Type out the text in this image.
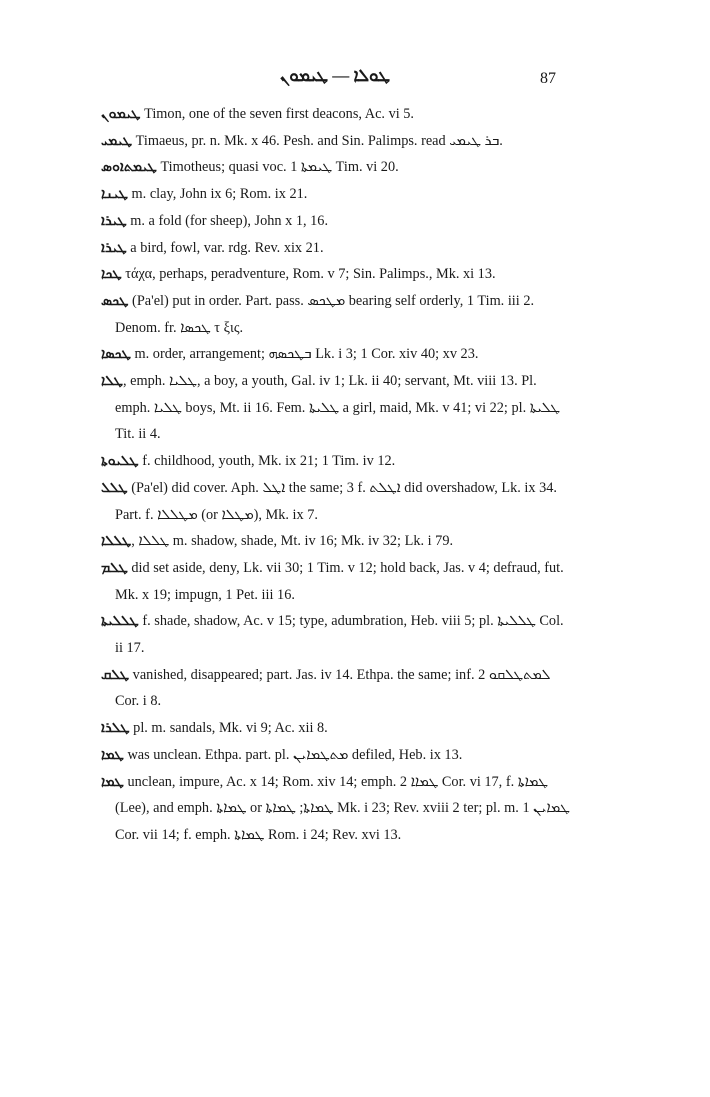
ܛܘܠܐ — ܛܝܡܘܢ	87

ܛܝܡܘܢ Timon, one of the seven first deacons, Ac. vi 5.

ܛܝܡܝ Timaeus, pr. n. Mk. x 46. Pesh. and Sin. Palimps. read ܒܪ ܛܝܡܝ.

ܛܝܡܬܐܘܣ Timotheus; quasi voc. ܛܝܡܬܐ 1 Tim. vi 20.

ܛܝܢܐ m. clay, John ix 6; Rom. ix 21.

ܛܝܪܐ m. a fold (for sheep), John x 1, 16.

ܛܝܪܐ a bird, fowl, var. rdg. Rev. xix 21.

ܛܟܐ τάχα, perhaps, peradventure, Rom. v 7; Sin. Palimps., Mk. xi 13.

ܛܟܣ (Pa'el) put in order. Part. pass. ܡܛܟܣ bearing self orderly, 1 Tim. iii 2. Denom. fr. ܛܟܣܐ τ ξις.

ܛܟܣܐ m. order, arrangement; ܒܛܟܣܗ Lk. i 3; 1 Cor. xiv 40; xv 23.

ܛܠܐ, emph. ܛܠܝܐ, a boy, a youth, Gal. iv 1; Lk. ii 40; servant, Mt. viii 13. Pl. emph. ܛܠܝܐ boys, Mt. ii 16. Fem. ܛܠܝܬܐ a girl, maid, Mk. v 41; vi 22; pl. ܛܠܝܬܐ Tit. ii 4.

ܛܠܝܘܬܐ f. childhood, youth, Mk. ix 21; 1 Tim. iv 12.

ܛܠܠ (Pa'el) did cover. Aph. ܐܛܠ the same; 3 f. ܐܛܠܬ did overshadow, Lk. ix 34. Part. f. ܡܛܠܠܐ (or ܡܛܠܐ), Mk. ix 7.

ܛܠܠܐ, ܛܠܠܐ m. shadow, shade, Mt. iv 16; Mk. iv 32; Lk. i 79.

ܛܠܡ did set aside, deny, Lk. vii 30; 1 Tim. v 12; hold back, Jas. v 4; defraud, fut. Mk. x 19; impugn, 1 Pet. iii 16.

ܛܠܠܝܬܐ f. shade, shadow, Ac. v 15; type, adumbration, Heb. viii 5; pl. ܛܠܠܝܬܐ Col. ii 17.

ܛܠܩ vanished, disappeared; part. Jas. iv 14. Ethpa. the same; inf. ܠܡܬܛܠܩܘ 2 Cor. i 8.

ܛܠܪܐ pl. m. sandals, Mk. vi 9; Ac. xii 8.

ܛܡܐ was unclean. Ethpa. part. pl. ܡܬܛܡܐܝܢ defiled, Heb. ix 13.

ܛܡܐ unclean, impure, Ac. x 14; Rom. xiv 14; emph. ܛܡܐܐ 2 Cor. vi 17, f. ܛܡܐܬܐ (Lee), and emph. ܛܡܐܬܐ or ܛܡܐܬܐ; ܛܡܐܬܐ Mk. i 23; Rev. xviii 2 ter; pl. m. ܛܡܐܝܢ 1 Cor. vii 14; f. emph. ܛܡܐܬܐ Rom. i 24; Rev. xvi 13.
